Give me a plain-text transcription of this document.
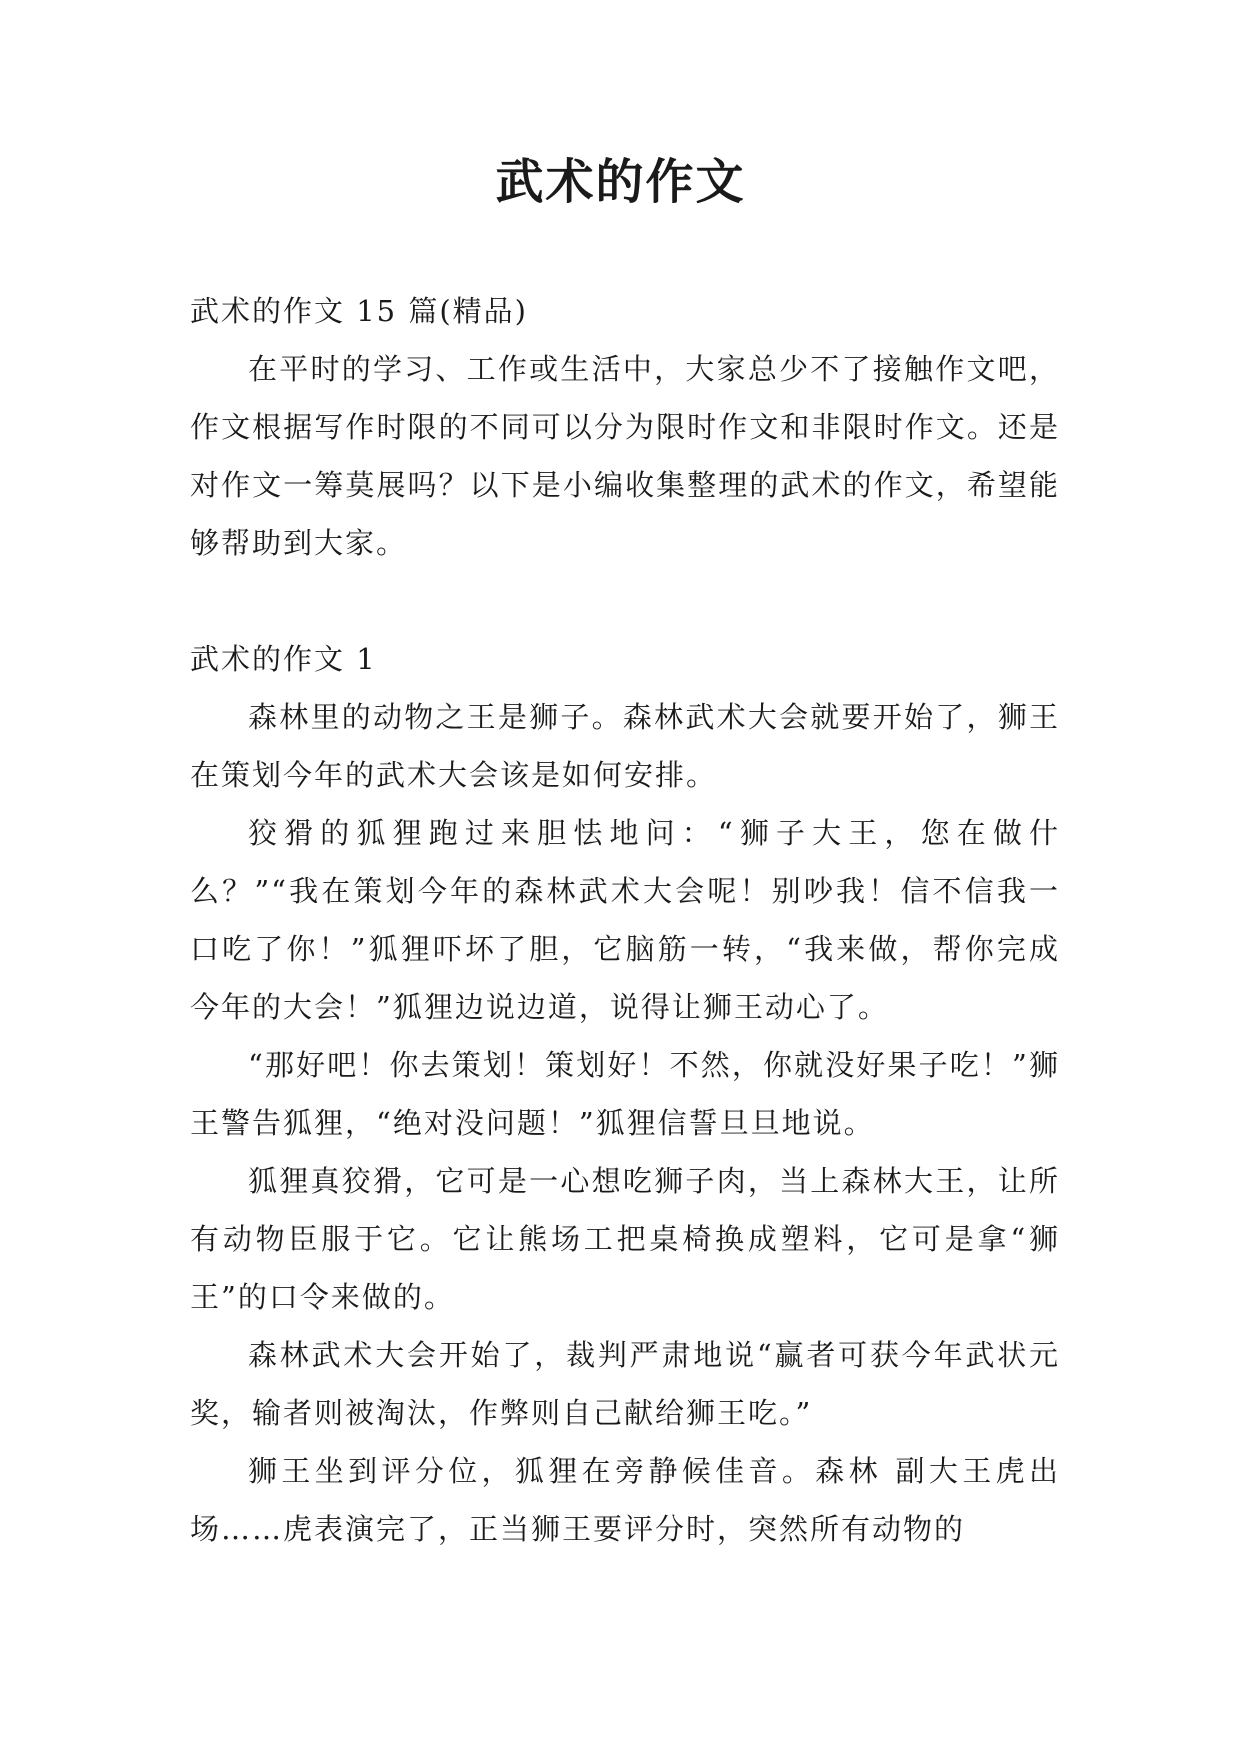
武术的作文

武术的作文 15 篇(精品)

在平时的学习、工作或生活中，大家总少不了接触作文吧，作文根据写作时限的不同可以分为限时作文和非限时作文。还是对作文一筹莫展吗？以下是小编收集整理的武术的作文，希望能够帮助到大家。

武术的作文 1

森林里的动物之王是狮子。森林武术大会就要开始了，狮王在策划今年的武术大会该是如何安排。

狡猾的狐狸跑过来胆怯地问：“狮子大王，您在做什么？”“我在策划今年的森林武术大会呢！别吵我！信不信我一口吃了你！”狐狸吓坏了胆，它脑筋一转，“我来做，帮你完成今年的大会！”狐狸边说边道，说得让狮王动心了。

“那好吧！你去策划！策划好！不然，你就没好果子吃！”狮王警告狐狸，“绝对没问题！”狐狸信誓旦旦地说。

狐狸真狡猾，它可是一心想吃狮子肉，当上森林大王，让所有动物臣服于它。它让熊场工把桌椅换成塑料，它可是拿“狮王”的口令来做的。

森林武术大会开始了，裁判严肃地说“赢者可获今年武状元奖，输者则被淘汰，作弊则自己献给狮王吃。”

狮王坐到评分位，狐狸在旁静候佳音。森林 副大王虎出场……虎表演完了，正当狮王要评分时，突然所有动物的
